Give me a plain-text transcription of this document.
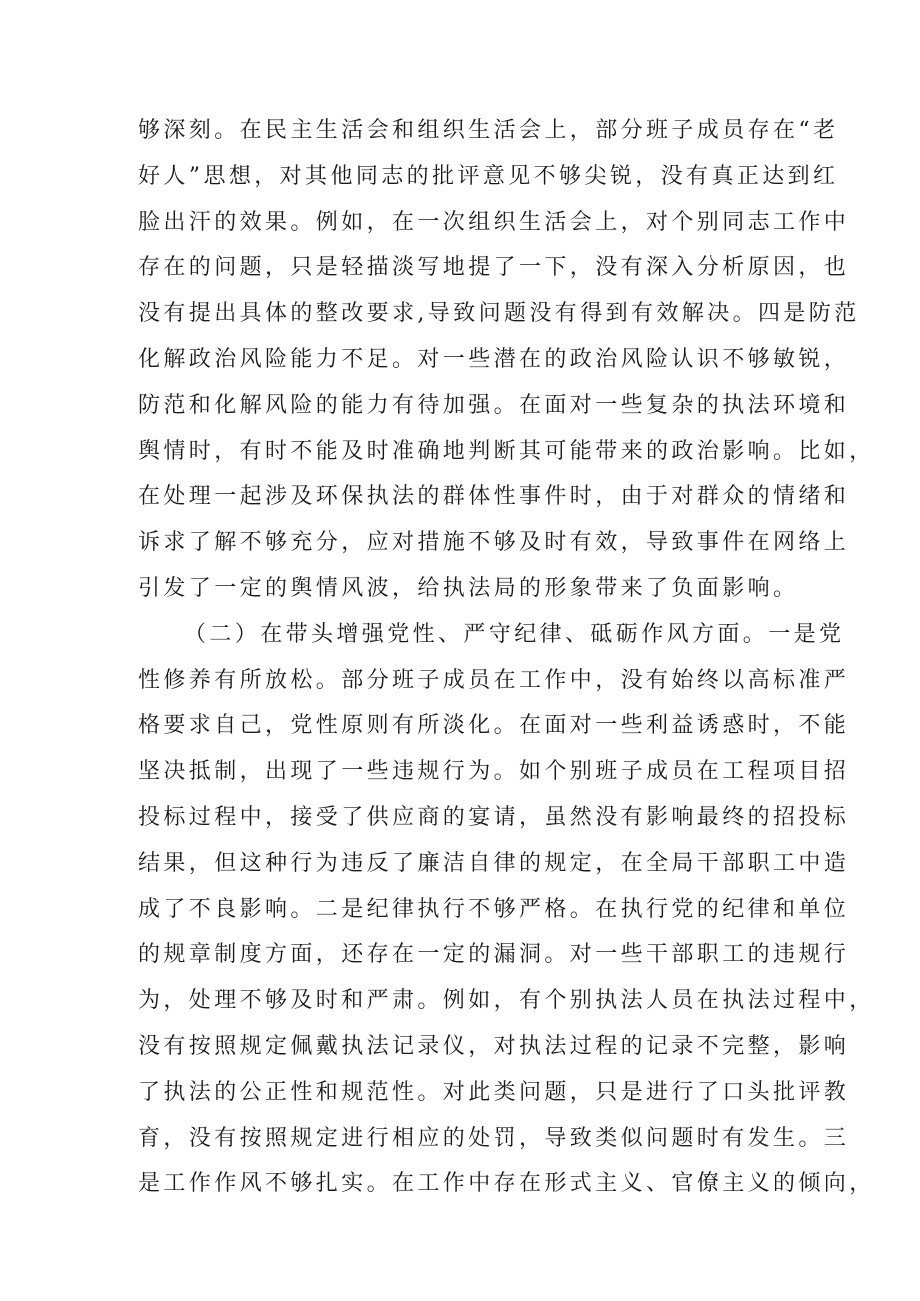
够深刻。在民主生活会和组织生活会上，部分班子成员存在“老
好人”思想，对其他同志的批评意见不够尖锐，没有真正达到红
脸出汗的效果。例如，在一次组织生活会上，对个别同志工作中
存在的问题，只是轻描淡写地提了一下，没有深入分析原因，也
没有提出具体的整改要求,导致问题没有得到有效解决。四是防范
化解政治风险能力不足。对一些潜在的政治风险认识不够敏锐，
防范和化解风险的能力有待加强。在面对一些复杂的执法环境和
舆情时，有时不能及时准确地判断其可能带来的政治影响。比如，
在处理一起涉及环保执法的群体性事件时，由于对群众的情绪和
诉求了解不够充分，应对措施不够及时有效，导致事件在网络上
引发了一定的舆情风波，给执法局的形象带来了负面影响。
（二）在带头增强党性、严守纪律、砥砺作风方面。一是党
性修养有所放松。部分班子成员在工作中，没有始终以高标准严
格要求自己，党性原则有所淡化。在面对一些利益诱惑时，不能
坚决抵制，出现了一些违规行为。如个别班子成员在工程项目招
投标过程中，接受了供应商的宴请，虽然没有影响最终的招投标
结果，但这种行为违反了廉洁自律的规定，在全局干部职工中造
成了不良影响。二是纪律执行不够严格。在执行党的纪律和单位
的规章制度方面，还存在一定的漏洞。对一些干部职工的违规行
为，处理不够及时和严肃。例如，有个别执法人员在执法过程中，
没有按照规定佩戴执法记录仪，对执法过程的记录不完整，影响
了执法的公正性和规范性。对此类问题，只是进行了口头批评教
育，没有按照规定进行相应的处罚，导致类似问题时有发生。三
是工作作风不够扎实。在工作中存在形式主义、官僚主义的倾向，
